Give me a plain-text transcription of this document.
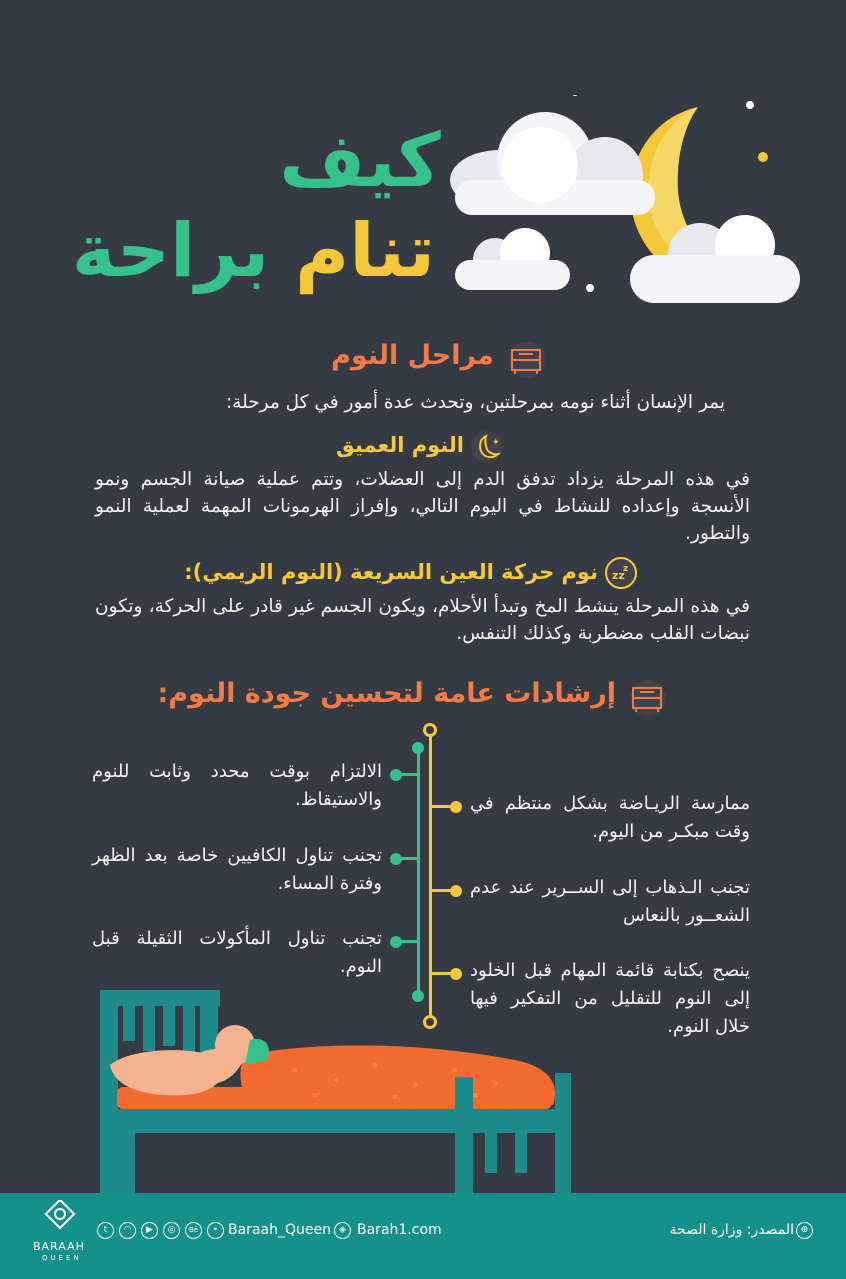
كيف
تنام براحة
مراحل النوم
يمر الإنسان أثناء نومه بمرحلتين، وتحدث عدة أمور في كل مرحلة:
✦
النوم العميق
في هذه المرحلة يزداد تدفق الدم إلى العضلات، وتتم عملية صيانة الجسم ونمو الأنسجة وإعداده للنشاط في اليوم التالي، وإفراز الهرمونات المهمة لعملية النمو والتطور.
zz
z
نوم حركة العين السريعة (النوم الريمي):
في هذه المرحلة ينشط المخ وتبدأ الأحلام، ويكون الجسم غير قادر على الحركة، وتكون نبضات القلب مضطربة وكذلك التنفس.
إرشادات عامة لتحسين جودة النوم:
الالتزام بوقت محدد وثابت للنوم والاستيقاظ.
تجنب تناول الكافيين خاصة بعد الظهر وفترة المساء.
تجنب تناول المأكولات الثقيلة قبل النوم.
ممارسة الريـاضة بشكل منتظم في وقت مبكـر من اليوم.
تجنب الـذهاب إلى الســرير عند عدم الشعــور بالنعاس
ينصح بكتابة قائمة المهام قبل الخلود إلى النوم للتقليل من التفكير فيها خلال النوم.
BARAAH
QUEEN
t	◠	▶	◎	Bē	• Baraah_Queen ◈ Barah1.com	المصدر: وزارة الصحة ⊕
